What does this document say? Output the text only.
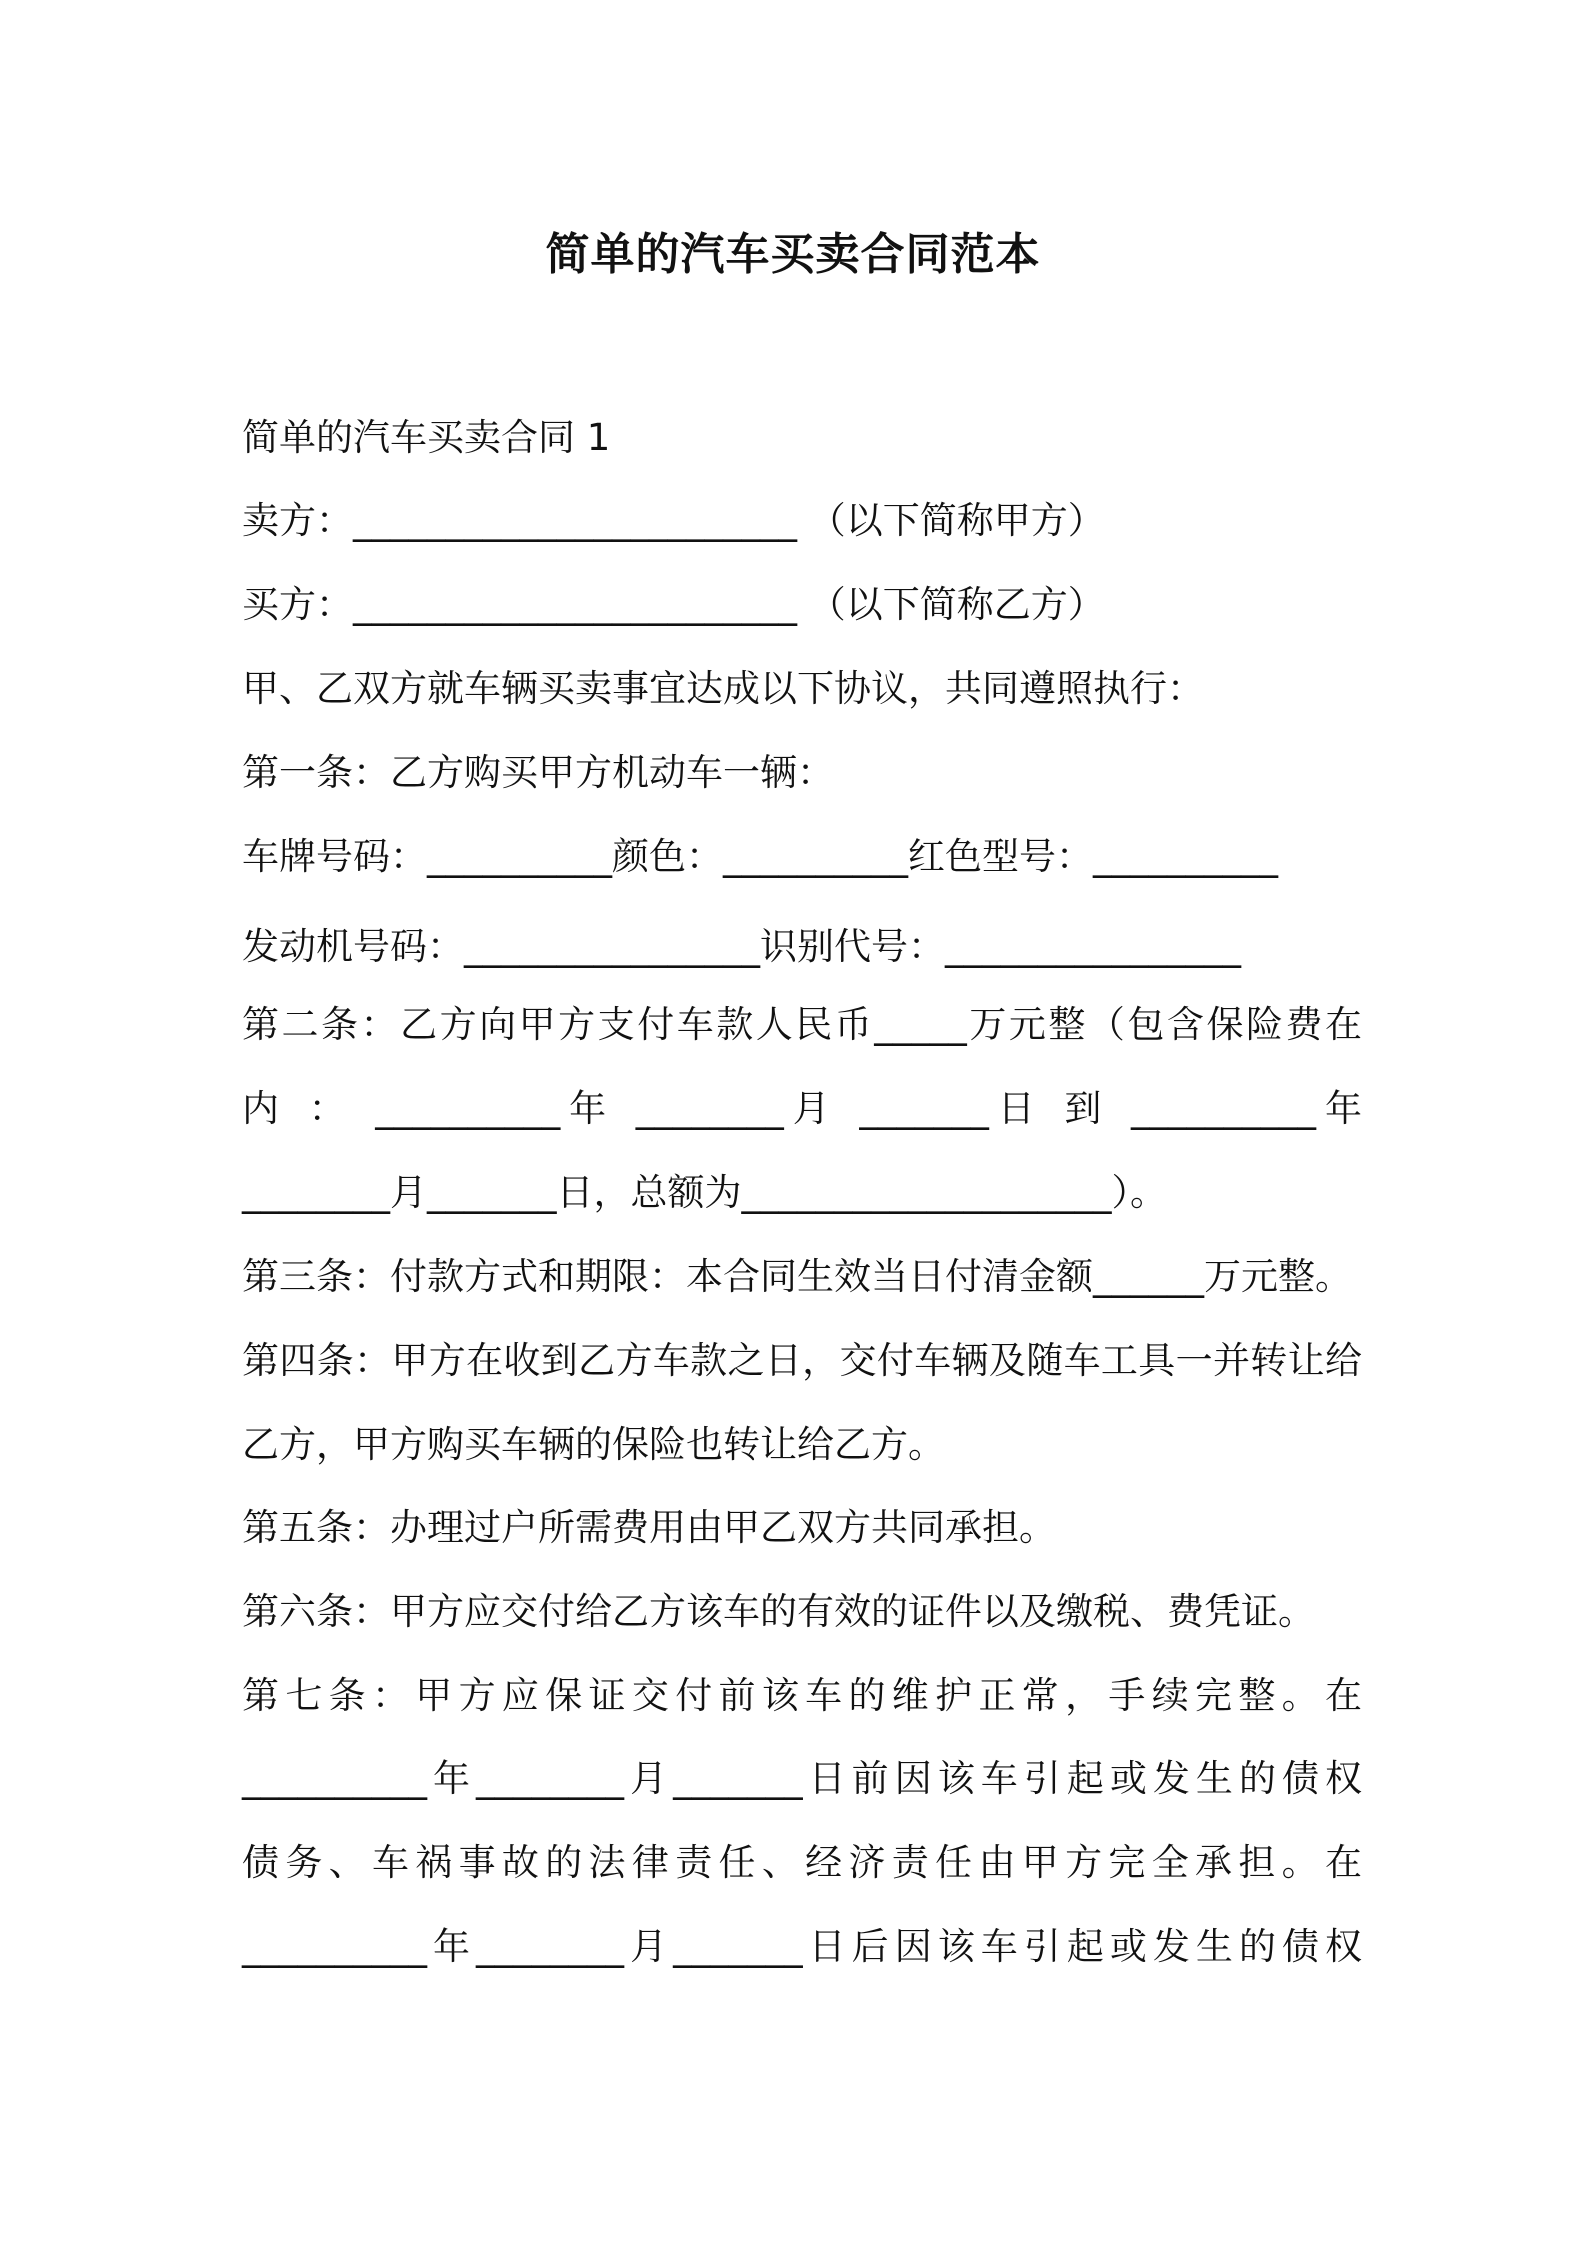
简单的汽车买卖合同范本
简单的汽车买卖合同 1
卖方：________________________ （以下简称甲方）
买方：________________________ （以下简称乙方）
甲、乙双方就车辆买卖事宜达成以下协议，共同遵照执行：
第一条：乙方购买甲方机动车一辆：
车牌号码：__________颜色：__________红色型号：__________
发动机号码：________________识别代号：________________
第二条：乙方向甲方支付车款人民币_____万元整（包含保险费在
内 ： __________年 ________月 _______日 到 __________年
________月_______日，总额为____________________）。
第三条：付款方式和期限：本合同生效当日付清金额______万元整。
第四条：甲方在收到乙方车款之日，交付车辆及随车工具一并转让给
乙方，甲方购买车辆的保险也转让给乙方。
第五条：办理过户所需费用由甲乙双方共同承担。
第六条：甲方应交付给乙方该车的有效的证件以及缴税、费凭证。
第七条：甲方应保证交付前该车的维护正常，手续完整。在
__________年________月_______日前因该车引起或发生的债权
债务、车祸事故的法律责任、经济责任由甲方完全承担。在
__________年________月_______日后因该车引起或发生的债权
